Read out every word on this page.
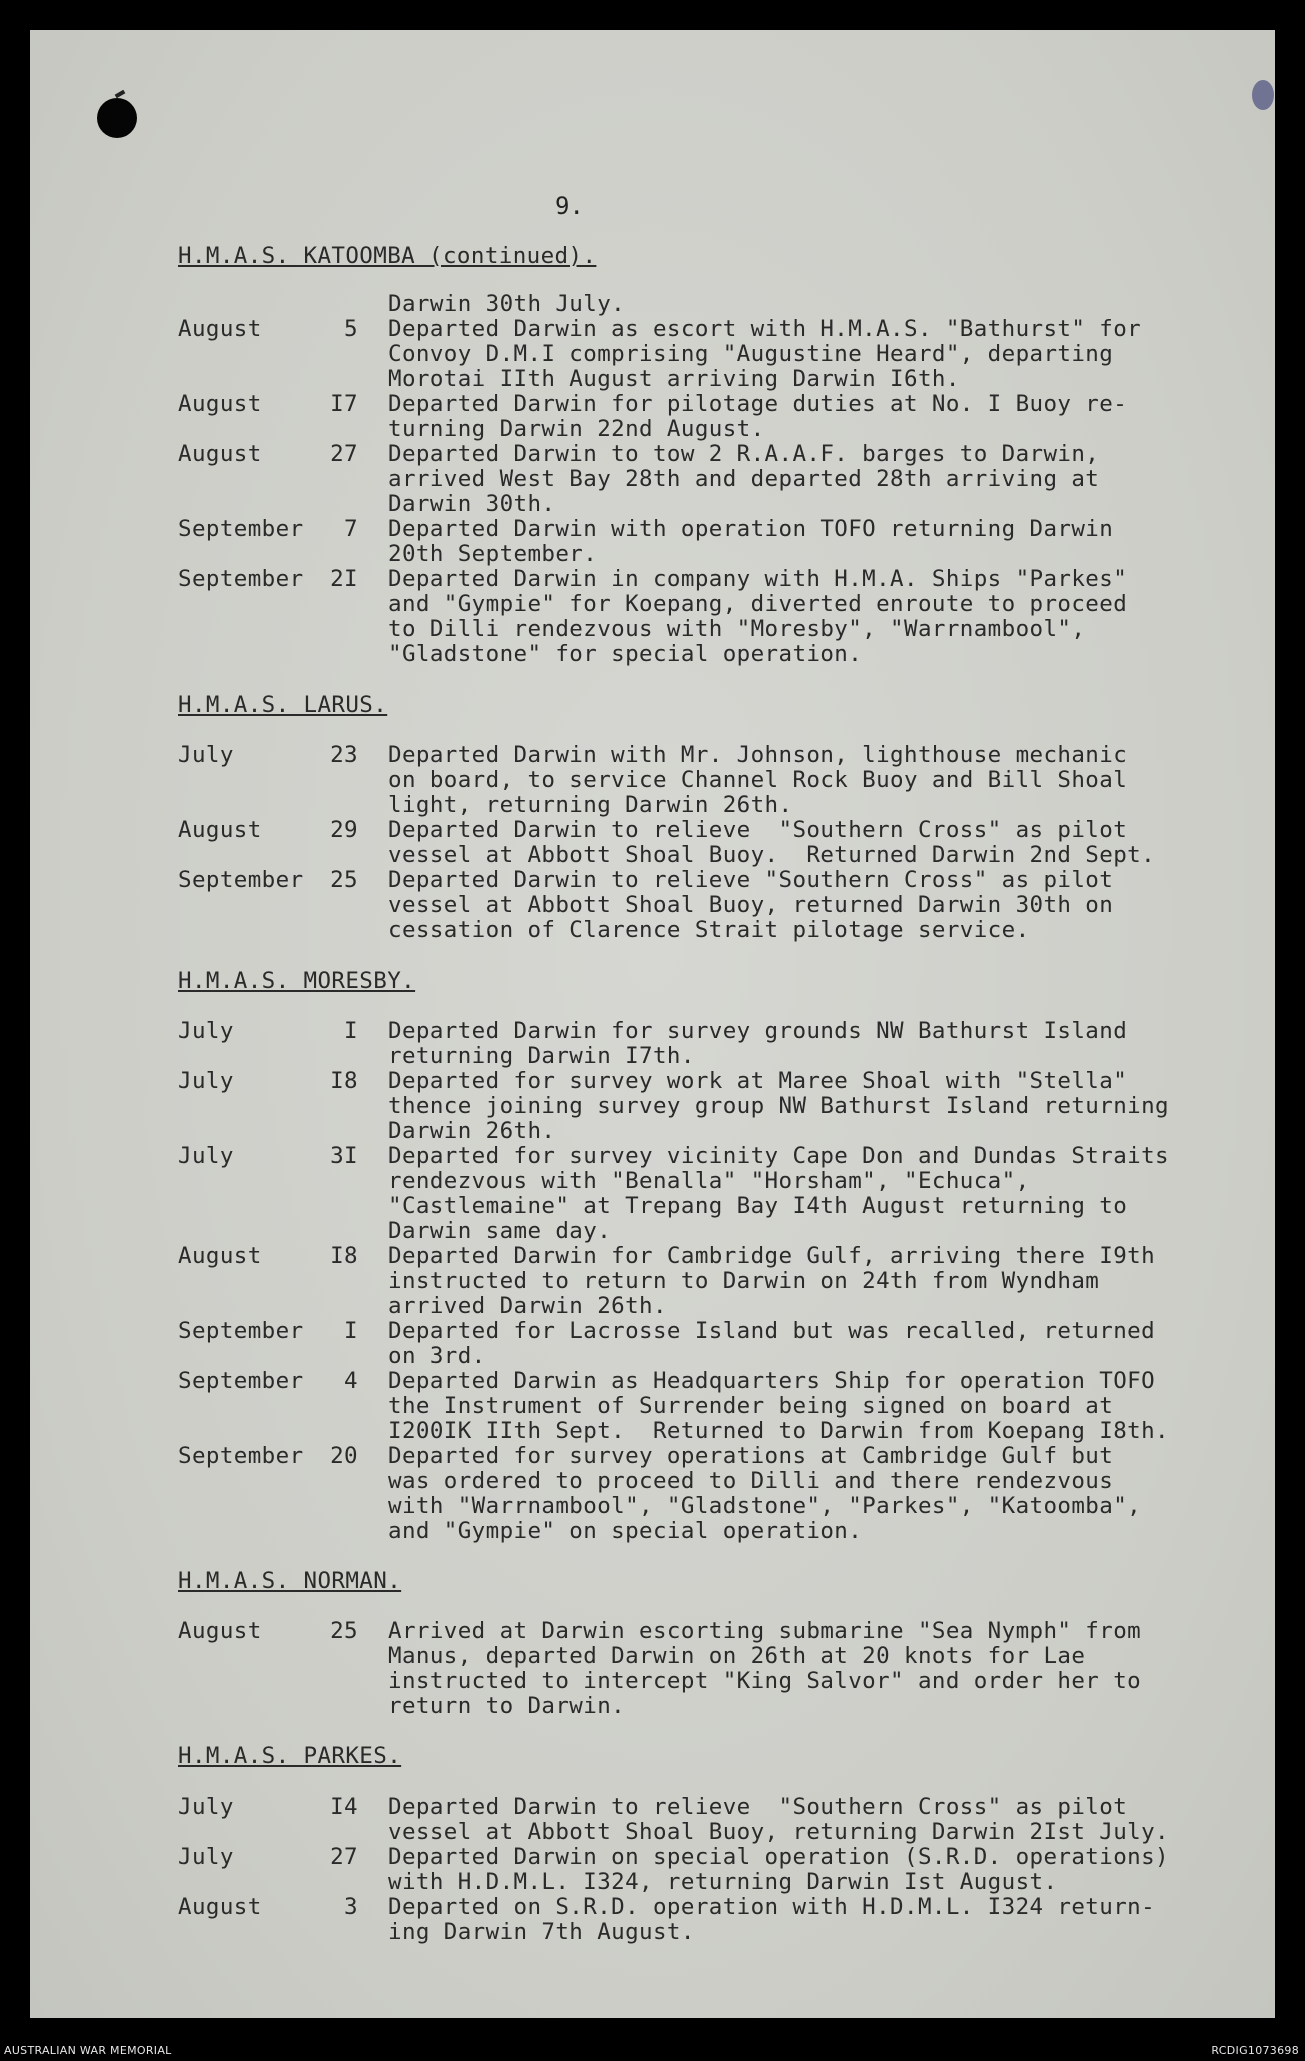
9.
H.M.A.S. KATOOMBA (continued).
Darwin 30th July.
August	5 Departed Darwin as escort with H.M.A.S. "Bathurst" for
Convoy D.M.I comprising "Augustine Heard", departing
Morotai IIth August arriving Darwin I6th.
August	I7 Departed Darwin for pilotage duties at No. I Buoy re-
turning Darwin 22nd August.
August	27 Departed Darwin to tow 2 R.A.A.F. barges to Darwin,
arrived West Bay 28th and departed 28th arriving at
Darwin 30th.
September	7 Departed Darwin with operation TOFO returning Darwin
20th September.
September	2I Departed Darwin in company with H.M.A. Ships "Parkes"
and "Gympie" for Koepang, diverted enroute to proceed
to Dilli rendezvous with "Moresby", "Warrnambool",
"Gladstone" for special operation.
H.M.A.S. LARUS.
July	23 Departed Darwin with Mr. Johnson, lighthouse mechanic
on board, to service Channel Rock Buoy and Bill Shoal
light, returning Darwin 26th.
August	29 Departed Darwin to relieve  "Southern Cross" as pilot
vessel at Abbott Shoal Buoy.  Returned Darwin 2nd Sept.
September	25 Departed Darwin to relieve "Southern Cross" as pilot
vessel at Abbott Shoal Buoy, returned Darwin 30th on
cessation of Clarence Strait pilotage service.
H.M.A.S. MORESBY.
July	I Departed Darwin for survey grounds NW Bathurst Island
returning Darwin I7th.
July	I8 Departed for survey work at Maree Shoal with "Stella"
thence joining survey group NW Bathurst Island returning
Darwin 26th.
July	3I Departed for survey vicinity Cape Don and Dundas Straits
rendezvous with "Benalla" "Horsham", "Echuca",
"Castlemaine" at Trepang Bay I4th August returning to
Darwin same day.
August	I8 Departed Darwin for Cambridge Gulf, arriving there I9th
instructed to return to Darwin on 24th from Wyndham
arrived Darwin 26th.
September	I Departed for Lacrosse Island but was recalled, returned
on 3rd.
September	4 Departed Darwin as Headquarters Ship for operation TOFO
the Instrument of Surrender being signed on board at
I200IK IIth Sept.  Returned to Darwin from Koepang I8th.
September	20 Departed for survey operations at Cambridge Gulf but
was ordered to proceed to Dilli and there rendezvous
with "Warrnambool", "Gladstone", "Parkes", "Katoomba",
and "Gympie" on special operation.
H.M.A.S. NORMAN.
August	25 Arrived at Darwin escorting submarine "Sea Nymph" from
Manus, departed Darwin on 26th at 20 knots for Lae
instructed to intercept "King Salvor" and order her to
return to Darwin.
H.M.A.S. PARKES.
July	I4 Departed Darwin to relieve  "Southern Cross" as pilot
vessel at Abbott Shoal Buoy, returning Darwin 2Ist July.
July	27 Departed Darwin on special operation (S.R.D. operations)
with H.D.M.L. I324, returning Darwin Ist August.
August	3 Departed on S.R.D. operation with H.D.M.L. I324 return-
ing Darwin 7th August.
AUSTRALIAN WAR MEMORIAL	RCDIG1073698
